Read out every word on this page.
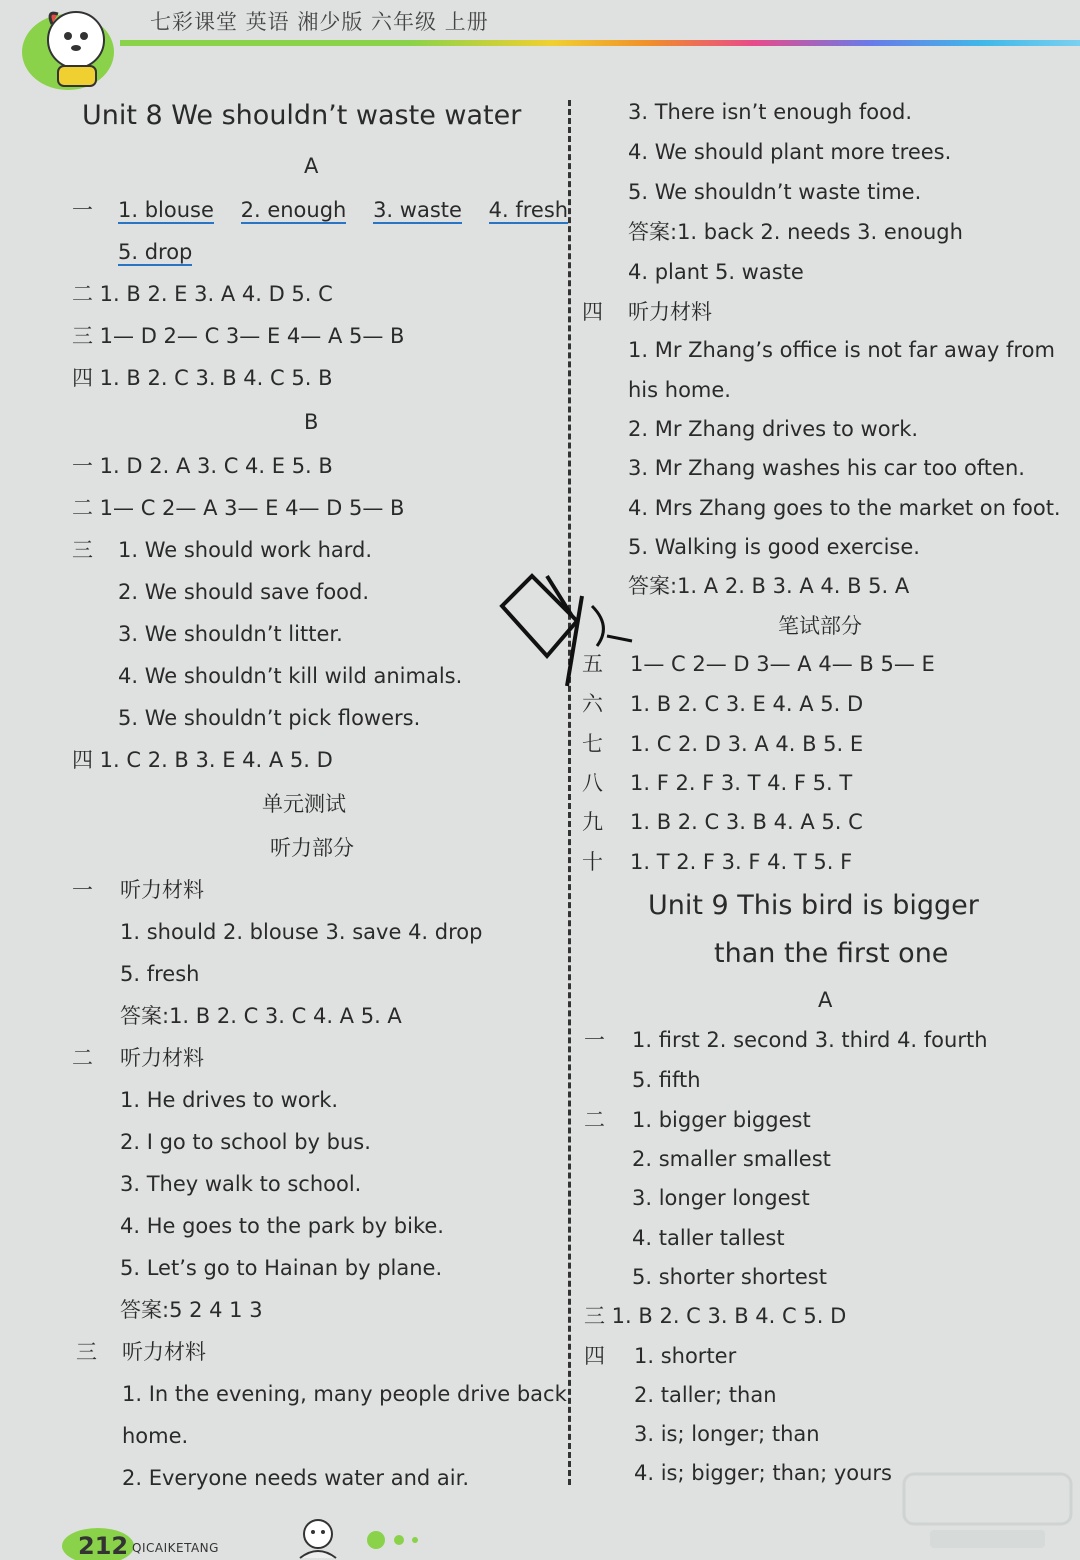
七彩课堂 英语 湘少版 六年级 上册
Unit 8 We shouldn’t waste water
A
一 1. blouse 2. enough 3. waste 4. fresh
5. drop
二 1. B 2. E 3. A 4. D 5. C
三 1— D 2— C 3— E 4— A 5— B
四 1. B 2. C 3. B 4. C 5. B
B
一 1. D 2. A 3. C 4. E 5. B
二 1— C 2— A 3— E 4— D 5— B
三 1. We should work hard.
2. We should save food.
3. We shouldn’t litter.
4. We shouldn’t kill wild animals.
5. We shouldn’t pick flowers.
四 1. C 2. B 3. E 4. A 5. D
单元测试
听力部分
一 听力材料
1. should 2. blouse 3. save 4. drop
5. fresh
答案:1. B 2. C 3. C 4. A 5. A
二 听力材料
1. He drives to work.
2. I go to school by bus.
3. They walk to school.
4. He goes to the park by bike.
5. Let’s go to Hainan by plane.
答案:5 2 4 1 3
三 听力材料
1. In the evening, many people drive back
home.
2. Everyone needs water and air.
3. There isn’t enough food.
4. We should plant more trees.
5. We shouldn’t waste time.
答案:1. back 2. needs 3. enough
4. plant 5. waste
四 听力材料
1. Mr Zhang’s office is not far away from
his home.
2. Mr Zhang drives to work.
3. Mr Zhang washes his car too often.
4. Mrs Zhang goes to the market on foot.
5. Walking is good exercise.
答案:1. A 2. B 3. A 4. B 5. A
笔试部分
五 1— C 2— D 3— A 4— B 5— E
六 1. B 2. C 3. E 4. A 5. D
七 1. C 2. D 3. A 4. B 5. E
八 1. F 2. F 3. T 4. F 5. T
九 1. B 2. C 3. B 4. A 5. C
十 1. T 2. F 3. F 4. T 5. F
Unit 9 This bird is bigger
than the first one
A
一 1. first 2. second 3. third 4. fourth
5. fifth
二 1. bigger biggest
2. smaller smallest
3. longer longest
4. taller tallest
5. shorter shortest
三 1. B 2. C 3. B 4. C 5. D
四 1. shorter
2. taller; than
3. is; longer; than
4. is; bigger; than; yours
212 QICAIKETANG
